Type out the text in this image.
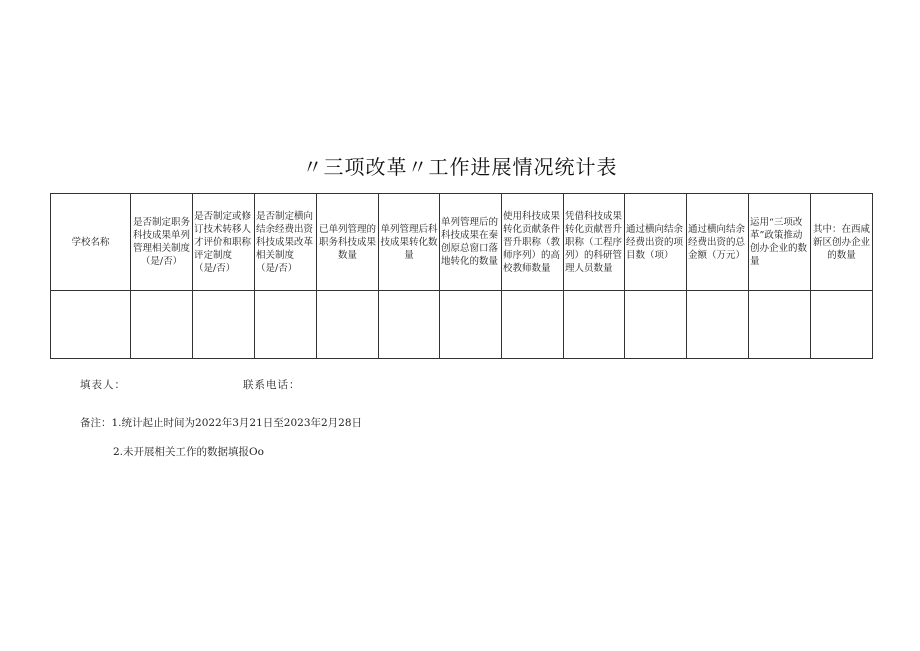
〃三项改革〃工作进展情况统计表
学校名称	是否制定职务科技成果单列管理相关制度（是/否）	是否制定或修订技术转移人才评价和职称评定制度（是/否）	是否制定横向结余经费出资科技成果改革相关制度（是/否）	已单列管理的职务科技成果数量	单列管理后科技成果转化数量	单列管理后的科技成果在秦创原总窗口落地转化的数量	使用科技成果转化贡献条件晋升职称（教师序列）的高校教师数量	凭借科技成果转化贡献晋升职称（工程序列）的科研管理人员数量	通过横向结余经费出资的项目数（项）	通过横向结余经费出资的总金额（万元）	运用“三项改革”政策推动创办企业的数量	其中：在西咸新区创办企业的数量

填表人：	联系电话：
备注：1.统计起止时间为2022年3月21日至2023年2月28日
2.未开展相关工作的数据填报Oo
